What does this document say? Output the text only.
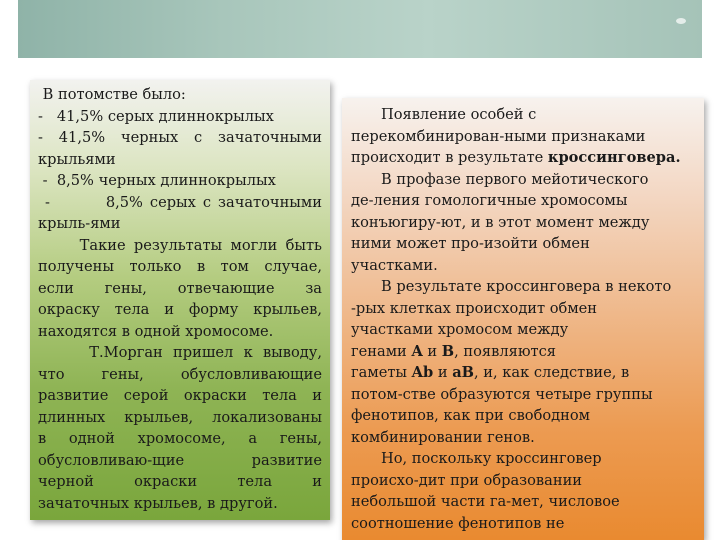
В потомстве было:

-   41,5% серых длиннокрылых

- 41,5% черных с зачаточными

крыльями

-  8,5% черных длиннокрылых

-        8,5% серых с зачаточными

крыль-ями

Такие результаты могли быть

получены только в том случае,

если гены, отвечающие за

окраску тела и форму крыльев,

находятся в одной хромосоме.

Т.Морган пришел к выводу,

что гены, обусловливающие

развитие серой окраски тела и

длинных крыльев, локализованы

в одной хромосоме, а гены,

обусловливаю-щие развитие

черной окраски тела и

зачаточных крыльев, в другой.

Появление особей с

перекомбинирован-ными признаками

происходит в результате кроссинговера.

В профазе первого мейотического

де-ления гомологичные хромосомы

конъюгиру-ют, и в этот момент между

ними может про-изойти обмен

участками.

В результате кроссинговера в некото

-рых клетках происходит обмен

участками хромосом между

генами A и B, появляются

гаметы Ab и aB, и, как следствие, в

потом-стве образуются четыре группы

фенотипов, как при свободном

комбинировании генов.

Но, поскольку кроссинговер

происхо-дит при образовании

небольшой части га-мет, числовое

соотношение фенотипов не
